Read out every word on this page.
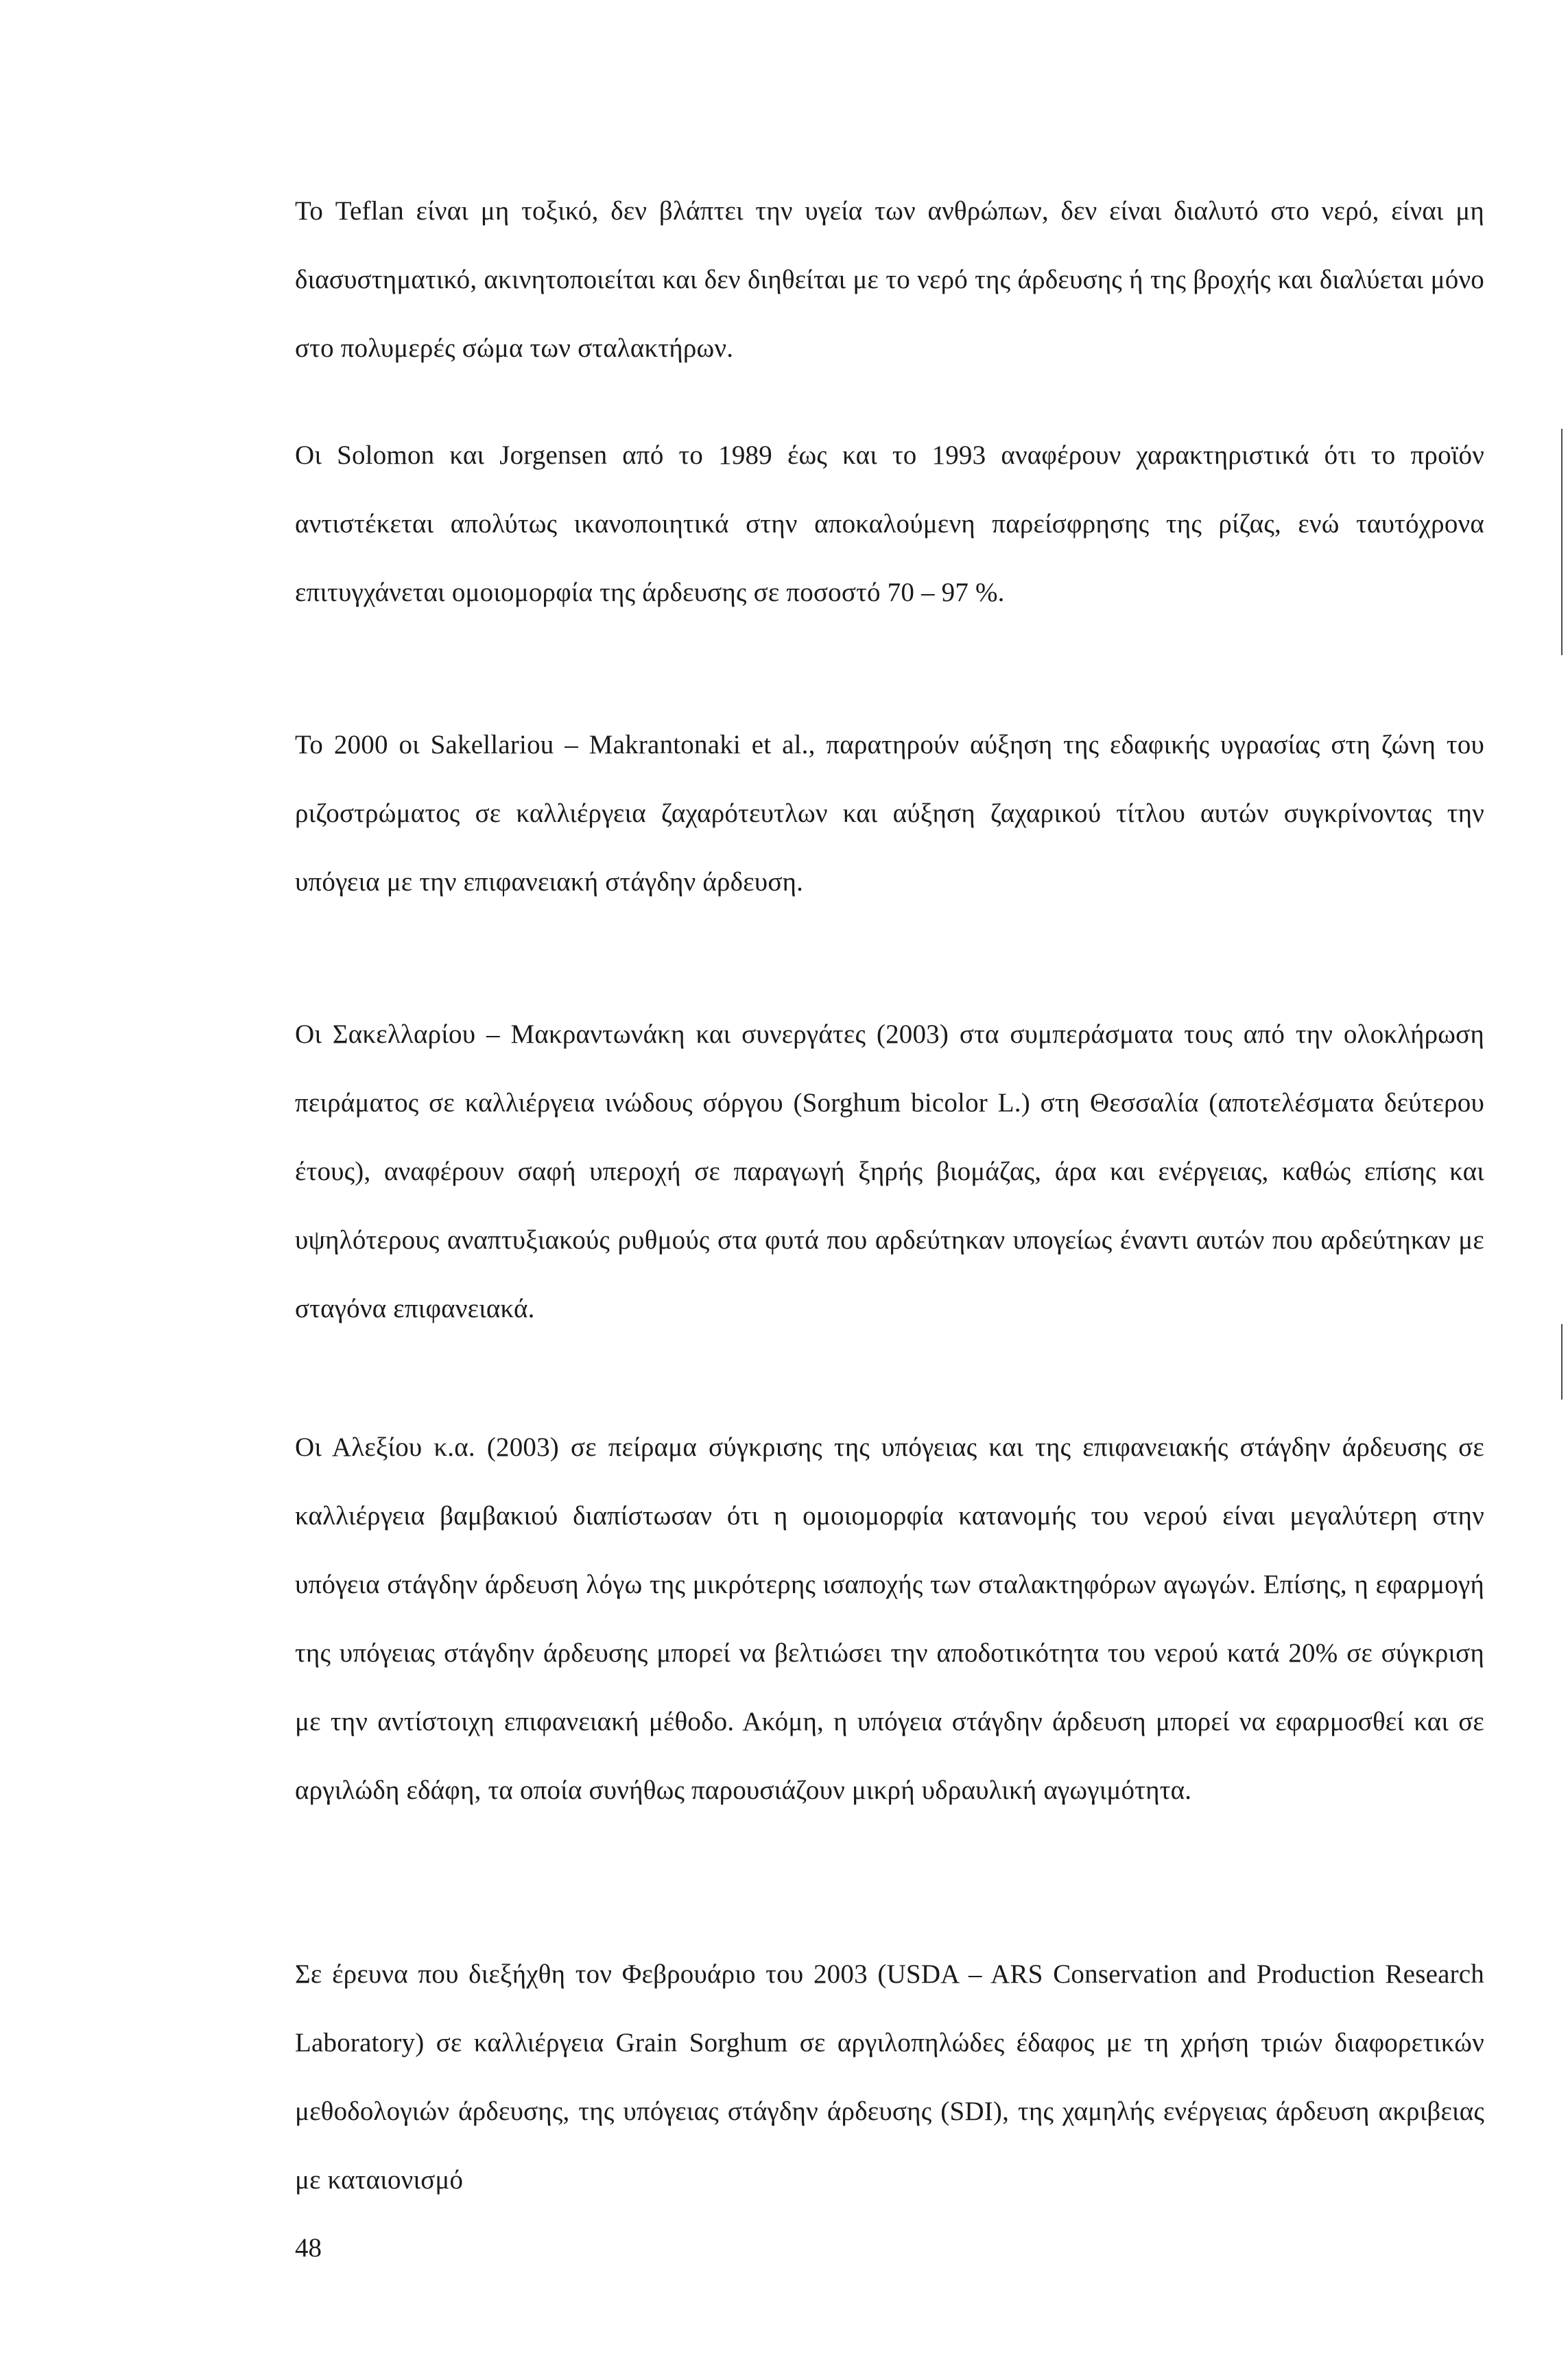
Το Teflan είναι μη τοξικό, δεν βλάπτει την υγεία των ανθρώπων, δεν είναι διαλυτό στο νερό, είναι μη διασυστηματικό, ακινητοποιείται και δεν διηθείται με το νερό της άρδευσης ή της βροχής και διαλύεται μόνο στο πολυμερές σώμα των σταλακτήρων.

Οι Solomon και Jorgensen από το 1989 έως και το 1993 αναφέρουν χαρακτηριστικά ότι το προϊόν αντιστέκεται απολύτως ικανοποιητικά στην αποκαλούμενη παρείσφρησης της ρίζας, ενώ ταυτόχρονα επιτυγχάνεται ομοιομορφία της άρδευσης σε ποσοστό 70 – 97 %.

Το 2000 οι Sakellariou – Makrantonaki et al., παρατηρούν αύξηση της εδαφικής υγρασίας στη ζώνη του ριζοστρώματος σε καλλιέργεια ζαχαρότευτλων και αύξηση ζαχαρικού τίτλου αυτών συγκρίνοντας την υπόγεια με την επιφανειακή στάγδην άρδευση.

Οι Σακελλαρίου – Μακραντωνάκη και συνεργάτες (2003) στα συμπεράσματα τους από την ολοκλήρωση πειράματος σε καλλιέργεια ινώδους σόργου (Sorghum bicolor L.) στη Θεσσαλία (αποτελέσματα δεύτερου έτους), αναφέρουν σαφή υπεροχή σε παραγωγή ξηρής βιομάζας, άρα και ενέργειας, καθώς επίσης και υψηλότερους αναπτυξιακούς ρυθμούς στα φυτά που αρδεύτηκαν υπογείως έναντι αυτών που αρδεύτηκαν με σταγόνα επιφανειακά.

Οι Αλεξίου κ.α. (2003) σε πείραμα σύγκρισης της υπόγειας και της επιφανειακής στάγδην άρδευσης σε καλλιέργεια βαμβακιού διαπίστωσαν ότι η ομοιομορφία κατανομής του νερού είναι μεγαλύτερη στην υπόγεια στάγδην άρδευση λόγω της μικρότερης ισαποχής των σταλακτηφόρων αγωγών. Επίσης, η εφαρμογή της υπόγειας στάγδην άρδευσης μπορεί να βελτιώσει την αποδοτικότητα του νερού κατά 20% σε σύγκριση με την αντίστοιχη επιφανειακή μέθοδο. Ακόμη, η υπόγεια στάγδην άρδευση μπορεί να εφαρμοσθεί και σε αργιλώδη εδάφη, τα οποία συνήθως παρουσιάζουν μικρή υδραυλική αγωγιμότητα.

Σε έρευνα που διεξήχθη τον Φεβρουάριο του 2003 (USDA – ARS Conservation and Production Research Laboratory) σε καλλιέργεια Grain Sorghum σε αργιλοπηλώδες έδαφος με τη χρήση τριών διαφορετικών μεθοδολογιών άρδευσης, της υπόγειας στάγδην άρδευσης (SDI), της χαμηλής ενέργειας άρδευση ακριβειας με καταιονισμό

48
